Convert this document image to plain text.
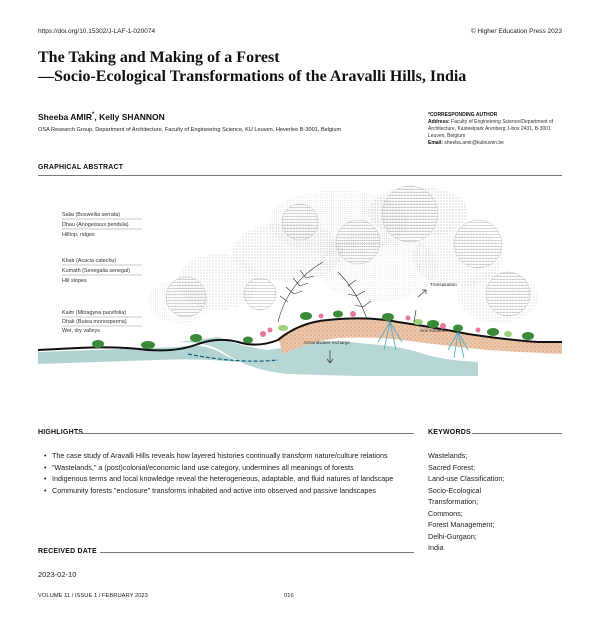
https://doi.org/10.15302/J-LAF-1-020074	© Higher Education Press 2023
The Taking and Making of a Forest
—Socio-Ecological Transformations of the Aravalli Hills, India
Sheeba AMIR*, Kelly SHANNON
OSA Research Group, Department of Architecture, Faculty of Engineering Science, KU Leuven, Heverlee B-3001, Belgium
*CORRESPONDING AUTHOR
Address: Faculty of Engineering Science/Department of Architecture, Kasteelpark Arenberg 1-box 2431, B-3001 Leuven, Belgium
Email: sheeba.amir@kuleuven.be
GRAPHICAL ABSTRACT
Salai (Boswellia serrata)
Dhau (Anogeissus pendula)
Hilltop, ridges
Khair (Acacia catechu)
Kumath (Senegalia senegal)
Hill slopes
Kaim (Mitragyna parvifolia)
Dhak (Butea monosperma)
Wet, dry valleys
Transpiration
Soil nutrients
Groundwater recharge
HIGHLIGHTS
• The case study of Aravalli Hills reveals how layered histories continually transform nature/culture relations
• "Wastelands," a (post)colonial/economic land use category, undermines all meanings of forests
• Indigenous terms and local knowledge reveal the heterogeneous, adaptable, and fluid natures of landscape
• Community forests "enclosure" transforms inhabited and active into observed and passive landscapes
KEYWORDS
Wastelands;
Sacred Forest;
Land-use Classification;
Socio-Ecological
Transformation;
Commons;
Forest Management;
Delhi-Gurgaon;
India
RECEIVED DATE
2023-02-10
VOLUME 11 / ISSUE 1 / FEBRUARY 2023	016
